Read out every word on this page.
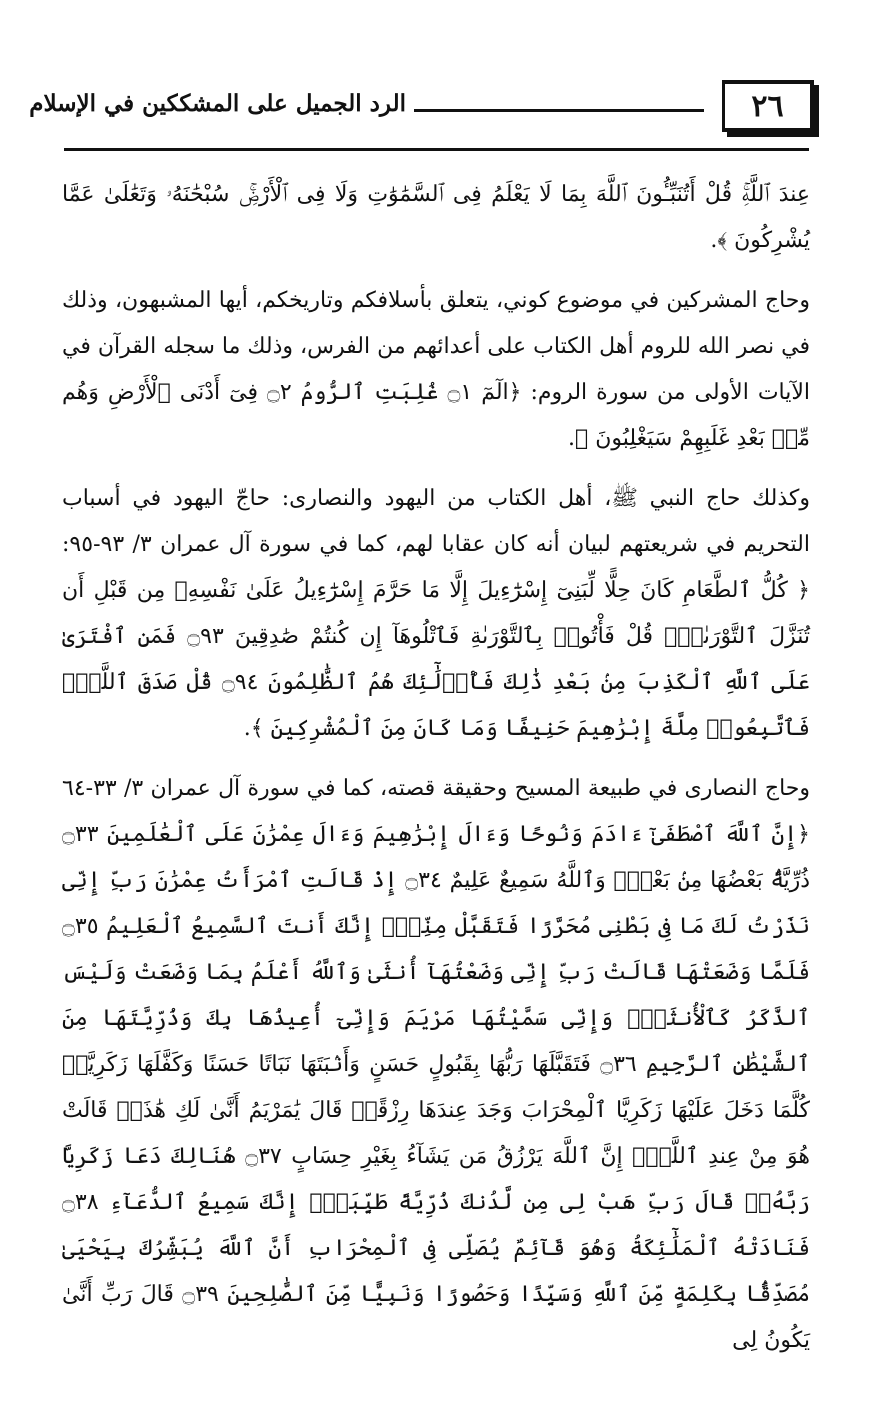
٢٦
الرد الجميل على المشككين في الإسلام

عِندَ ٱللَّهِۚ قُلْ أَتُنَبِّـُٔونَ ٱللَّهَ بِمَا لَا يَعْلَمُ فِى ٱلسَّمَٰوَٰتِ وَلَا فِى ٱلْأَرْضِۚ سُبْحَٰنَهُۥ وَتَعَٰلَىٰ عَمَّا يُشْرِكُونَ ﴾.

وحاج المشركين في موضوع كوني، يتعلق بأسلافكم وتاريخكم، أيها المشبهون، وذلك في نصر الله للروم أهل الكتاب على أعدائهم من الفرس، وذلك ما سجله القرآن في الآيات الأولى من سورة الروم: ﴿الٓمٓ ۝١ غُلِبَتِ ٱلرُّومُ ۝٢ فِىٓ أَدْنَى ٱلْأَرْضِ وَهُم مِّنۢ بَعْدِ غَلَبِهِمْ سَيَغْلِبُونَ ﴾.

وكذلك حاج النبي ﷺ، أهل الكتاب من اليهود والنصارى: حاجّ اليهود في أسباب التحريم في شريعتهم لبيان أنه كان عقابا لهم، كما في سورة آل عمران ٣/ ٩٣-٩٥: ﴿ كُلُّ ٱلطَّعَامِ كَانَ حِلًّا لِّبَنِىٓ إِسْرَٰٓءِيلَ إِلَّا مَا حَرَّمَ إِسْرَٰٓءِيلُ عَلَىٰ نَفْسِهِۦ مِن قَبْلِ أَن تُنَزَّلَ ٱلتَّوْرَىٰةُۗ قُلْ فَأْتُوا۟ بِٱلتَّوْرَىٰةِ فَٱتْلُوهَآ إِن كُنتُمْ صَٰدِقِينَ ۝٩٣ فَمَنِ ٱفْتَرَىٰ عَلَى ٱللَّهِ ٱلْكَذِبَ مِنۢ بَعْدِ ذَٰلِكَ فَأُو۟لَٰٓئِكَ هُمُ ٱلظَّٰلِمُونَ ۝٩٤ قُلْ صَدَقَ ٱللَّهُۗ فَٱتَّبِعُوا۟ مِلَّةَ إِبْرَٰهِيمَ حَنِيفًا وَمَا كَانَ مِنَ ٱلْمُشْرِكِينَ ﴾.

وحاج النصارى في طبيعة المسيح وحقيقة قصته، كما في سورة آل عمران ٣/ ٣٣-٦٤ ﴿إِنَّ ٱللَّهَ ٱصْطَفَىٰٓ ءَادَمَ وَنُوحًا وَءَالَ إِبْرَٰهِيمَ وَءَالَ عِمْرَٰنَ عَلَى ٱلْعَٰلَمِينَ ۝٣٣ ذُرِّيَّةًۢ بَعْضُهَا مِنۢ بَعْضٍۗ وَٱللَّهُ سَمِيعٌ عَلِيمٌ ۝٣٤ إِذْ قَالَتِ ٱمْرَأَتُ عِمْرَٰنَ رَبِّ إِنِّى نَذَرْتُ لَكَ مَا فِى بَطْنِى مُحَرَّرًا فَتَقَبَّلْ مِنِّىٓۖ إِنَّكَ أَنتَ ٱلسَّمِيعُ ٱلْعَلِيمُ ۝٣٥ فَلَمَّا وَضَعَتْهَا قَالَتْ رَبِّ إِنِّى وَضَعْتُهَآ أُنثَىٰ وَٱللَّهُ أَعْلَمُ بِمَا وَضَعَتْ وَلَيْسَ ٱلذَّكَرُ كَٱلْأُنثَىٰۖ وَإِنِّى سَمَّيْتُهَا مَرْيَمَ وَإِنِّىٓ أُعِيذُهَا بِكَ وَذُرِّيَّتَهَا مِنَ ٱلشَّيْطَٰنِ ٱلرَّجِيمِ ۝٣٦ فَتَقَبَّلَهَا رَبُّهَا بِقَبُولٍ حَسَنٍ وَأَنۢبَتَهَا نَبَاتًا حَسَنًا وَكَفَّلَهَا زَكَرِيَّاۖ كُلَّمَا دَخَلَ عَلَيْهَا زَكَرِيَّا ٱلْمِحْرَابَ وَجَدَ عِندَهَا رِزْقًاۖ قَالَ يَٰمَرْيَمُ أَنَّىٰ لَكِ هَٰذَاۖ قَالَتْ هُوَ مِنْ عِندِ ٱللَّهِۖ إِنَّ ٱللَّهَ يَرْزُقُ مَن يَشَآءُ بِغَيْرِ حِسَابٍ ۝٣٧ هُنَالِكَ دَعَا زَكَرِيَّا رَبَّهُۥۖ قَالَ رَبِّ هَبْ لِى مِن لَّدُنكَ ذُرِّيَّةً طَيِّبَةًۖ إِنَّكَ سَمِيعُ ٱلدُّعَآءِ ۝٣٨ فَنَادَتْهُ ٱلْمَلَٰٓئِكَةُ وَهُوَ قَآئِمٌ يُصَلِّى فِى ٱلْمِحْرَابِ أَنَّ ٱللَّهَ يُبَشِّرُكَ بِيَحْيَىٰ مُصَدِّقًۢا بِكَلِمَةٍ مِّنَ ٱللَّهِ وَسَيِّدًا وَحَصُورًا وَنَبِيًّا مِّنَ ٱلصَّٰلِحِينَ ۝٣٩ قَالَ رَبِّ أَنَّىٰ يَكُونُ لِى
